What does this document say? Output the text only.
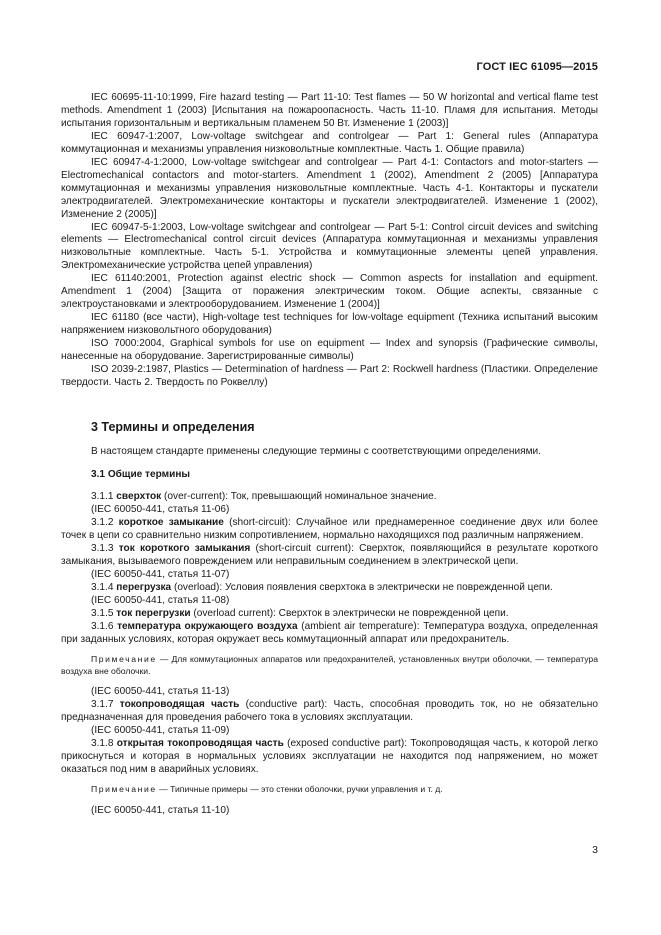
ГОСТ IEC 61095—2015

IEC 60695-11-10:1999, Fire hazard testing — Part 11-10: Test flames — 50 W horizontal and vertical flame test methods. Amendment 1 (2003) [Испытания на пожароопасность. Часть 11-10. Пламя для испытания. Методы испытания горизонтальным и вертикальным пламенем 50 Вт. Изменение 1 (2003)]

IEC 60947-1:2007, Low-voltage switchgear and controlgear — Part 1: General rules (Аппаратура коммутационная и механизмы управления низковольтные комплектные. Часть 1. Общие правила)

IEC 60947-4-1:2000, Low-voltage switchgear and controlgear — Part 4-1: Contactors and motor-starters — Electromechanical contactors and motor-starters. Amendment 1 (2002), Amendment 2 (2005) [Аппаратура коммутационная и механизмы управления низковольтные комплектные. Часть 4-1. Контакторы и пускатели электродвигателей. Электромеханические контакторы и пускатели электродвигателей. Изменение 1 (2002), Изменение 2 (2005)]

IEC 60947-5-1:2003, Low-voltage switchgear and controlgear — Part 5-1: Control circuit devices and switching elements — Electromechanical control circuit devices (Аппаратура коммутационная и механизмы управления низковольтные комплектные. Часть 5-1. Устройства и коммутационные элементы цепей управления. Электромеханические устройства цепей управления)

IEC 61140:2001, Protection against electric shock — Common aspects for installation and equipment. Amendment 1 (2004) [Защита от поражения электрическим током. Общие аспекты, связанные с электроустановками и электрооборудованием. Изменение 1 (2004)]

IEC 61180 (все части), High-voltage test techniques for low-voltage equipment (Техника испытаний высоким напряжением низковольтного оборудования)

ISO 7000:2004, Graphical symbols for use on equipment — Index and synopsis (Графические символы, нанесенные на оборудование. Зарегистрированные символы)

ISO 2039-2:1987, Plastics — Determination of hardness — Part 2: Rockwell hardness (Пластики. Определение твердости. Часть 2. Твердость по Роквеллу)

3 Термины и определения

В настоящем стандарте применены следующие термины с соответствующими определениями.

3.1 Общие термины

3.1.1 сверхток (over-current): Ток, превышающий номинальное значение.

(IEC 60050-441, статья 11-06)

3.1.2 короткое замыкание (short-circuit): Случайное или преднамеренное соединение двух или более точек в цепи со сравнительно низким сопротивлением, нормально находящихся под различным напряжением.

3.1.3 ток короткого замыкания (short-circuit current): Сверхток, появляющийся в результате короткого замыкания, вызываемого повреждением или неправильным соединением в электрической цепи.

(IEC 60050-441, статья 11-07)

3.1.4 перегрузка (overload): Условия появления сверхтока в электрически не поврежденной цепи.

(IEC 60050-441, статья 11-08)

3.1.5 ток перегрузки (overload current): Сверхток в электрически не поврежденной цепи.

3.1.6 температура окружающего воздуха (ambient air temperature): Температура воздуха, определенная при заданных условиях, которая окружает весь коммутационный аппарат или предохранитель.

Примечание — Для коммутационных аппаратов или предохранителей, установленных внутри оболочки, — температура воздуха вне оболочки.

(IEC 60050-441, статья 11-13)

3.1.7 токопроводящая часть (conductive part): Часть, способная проводить ток, но не обязательно предназначенная для проведения рабочего тока в условиях эксплуатации.

(IEC 60050-441, статья 11-09)

3.1.8 открытая токопроводящая часть (exposed conductive part): Токопроводящая часть, к которой легко прикоснуться и которая в нормальных условиях эксплуатации не находится под напряжением, но может оказаться под ним в аварийных условиях.

Примечание — Типичные примеры — это стенки оболочки, ручки управления и т. д.

(IEC 60050-441, статья 11-10)

3
